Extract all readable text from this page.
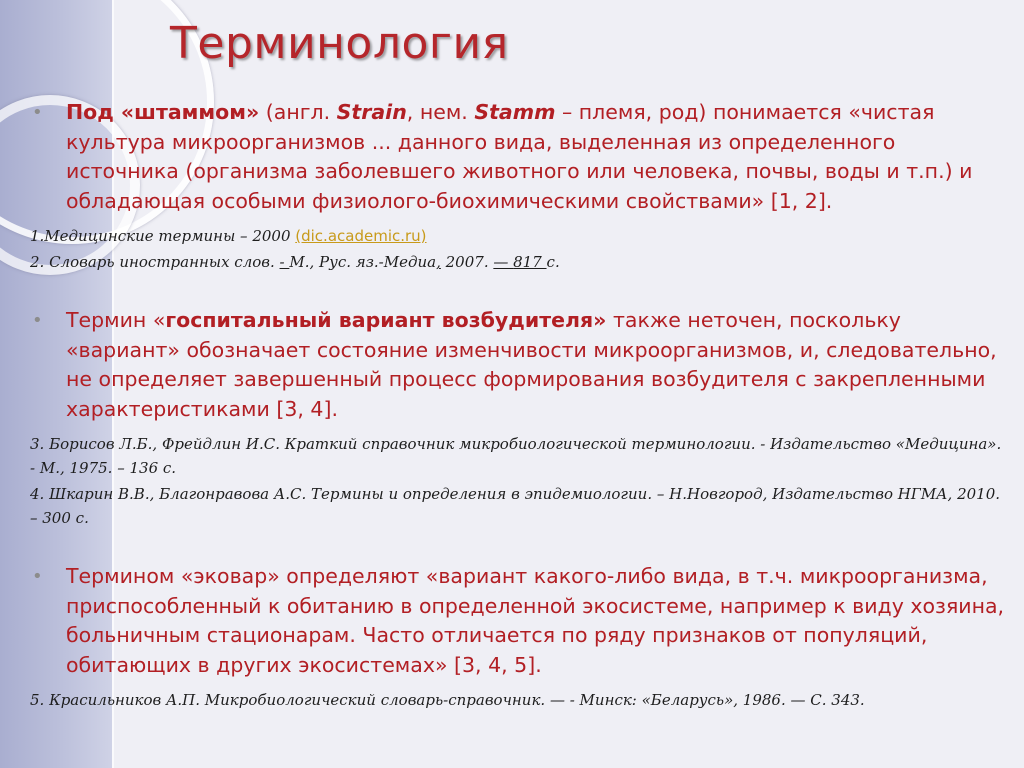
Терминология
• Под «штаммом» (англ. Strain, нем. Stamm – племя, род) понимается «чистая культура микроорганизмов ... данного вида, выделенная из определенного источника (организма заболевшего животного или человека, почвы, воды и т.п.) и обладающая особыми физиолого-биохимическими свойствами» [1, 2].
1.Медицинские термины – 2000 (dic.academic.ru)
2. Словарь иностранных слов. - М., Рус. яз.-Медиа, 2007. — 817 с.
• Термин «госпитальный вариант возбудителя» также неточен, поскольку «вариант» обозначает состояние изменчивости микроорганизмов, и, следовательно, не определяет завершенный процесс формирования возбудителя с закрепленными характеристиками [3, 4].
3. Борисов Л.Б., Фрейдлин И.С. Краткий справочник микробиологической терминологии. - Издательство «Медицина». - М., 1975. – 136 с.
4. Шкарин В.В., Благонравова А.С. Термины и определения в эпидемиологии. – Н.Новгород, Издательство НГМА, 2010. – 300 с.
• Термином «эковар» определяют «вариант какого-либо вида, в т.ч. микроорганизма, приспособленный к обитанию в определенной экосистеме, например к виду хозяина, больничным стационарам. Часто отличается по ряду признаков от популяций, обитающих в других экосистемах» [3, 4, 5].
5. Красильников А.П. Микробиологический словарь-справочник. — - Минск: «Беларусь», 1986. — С. 343.
